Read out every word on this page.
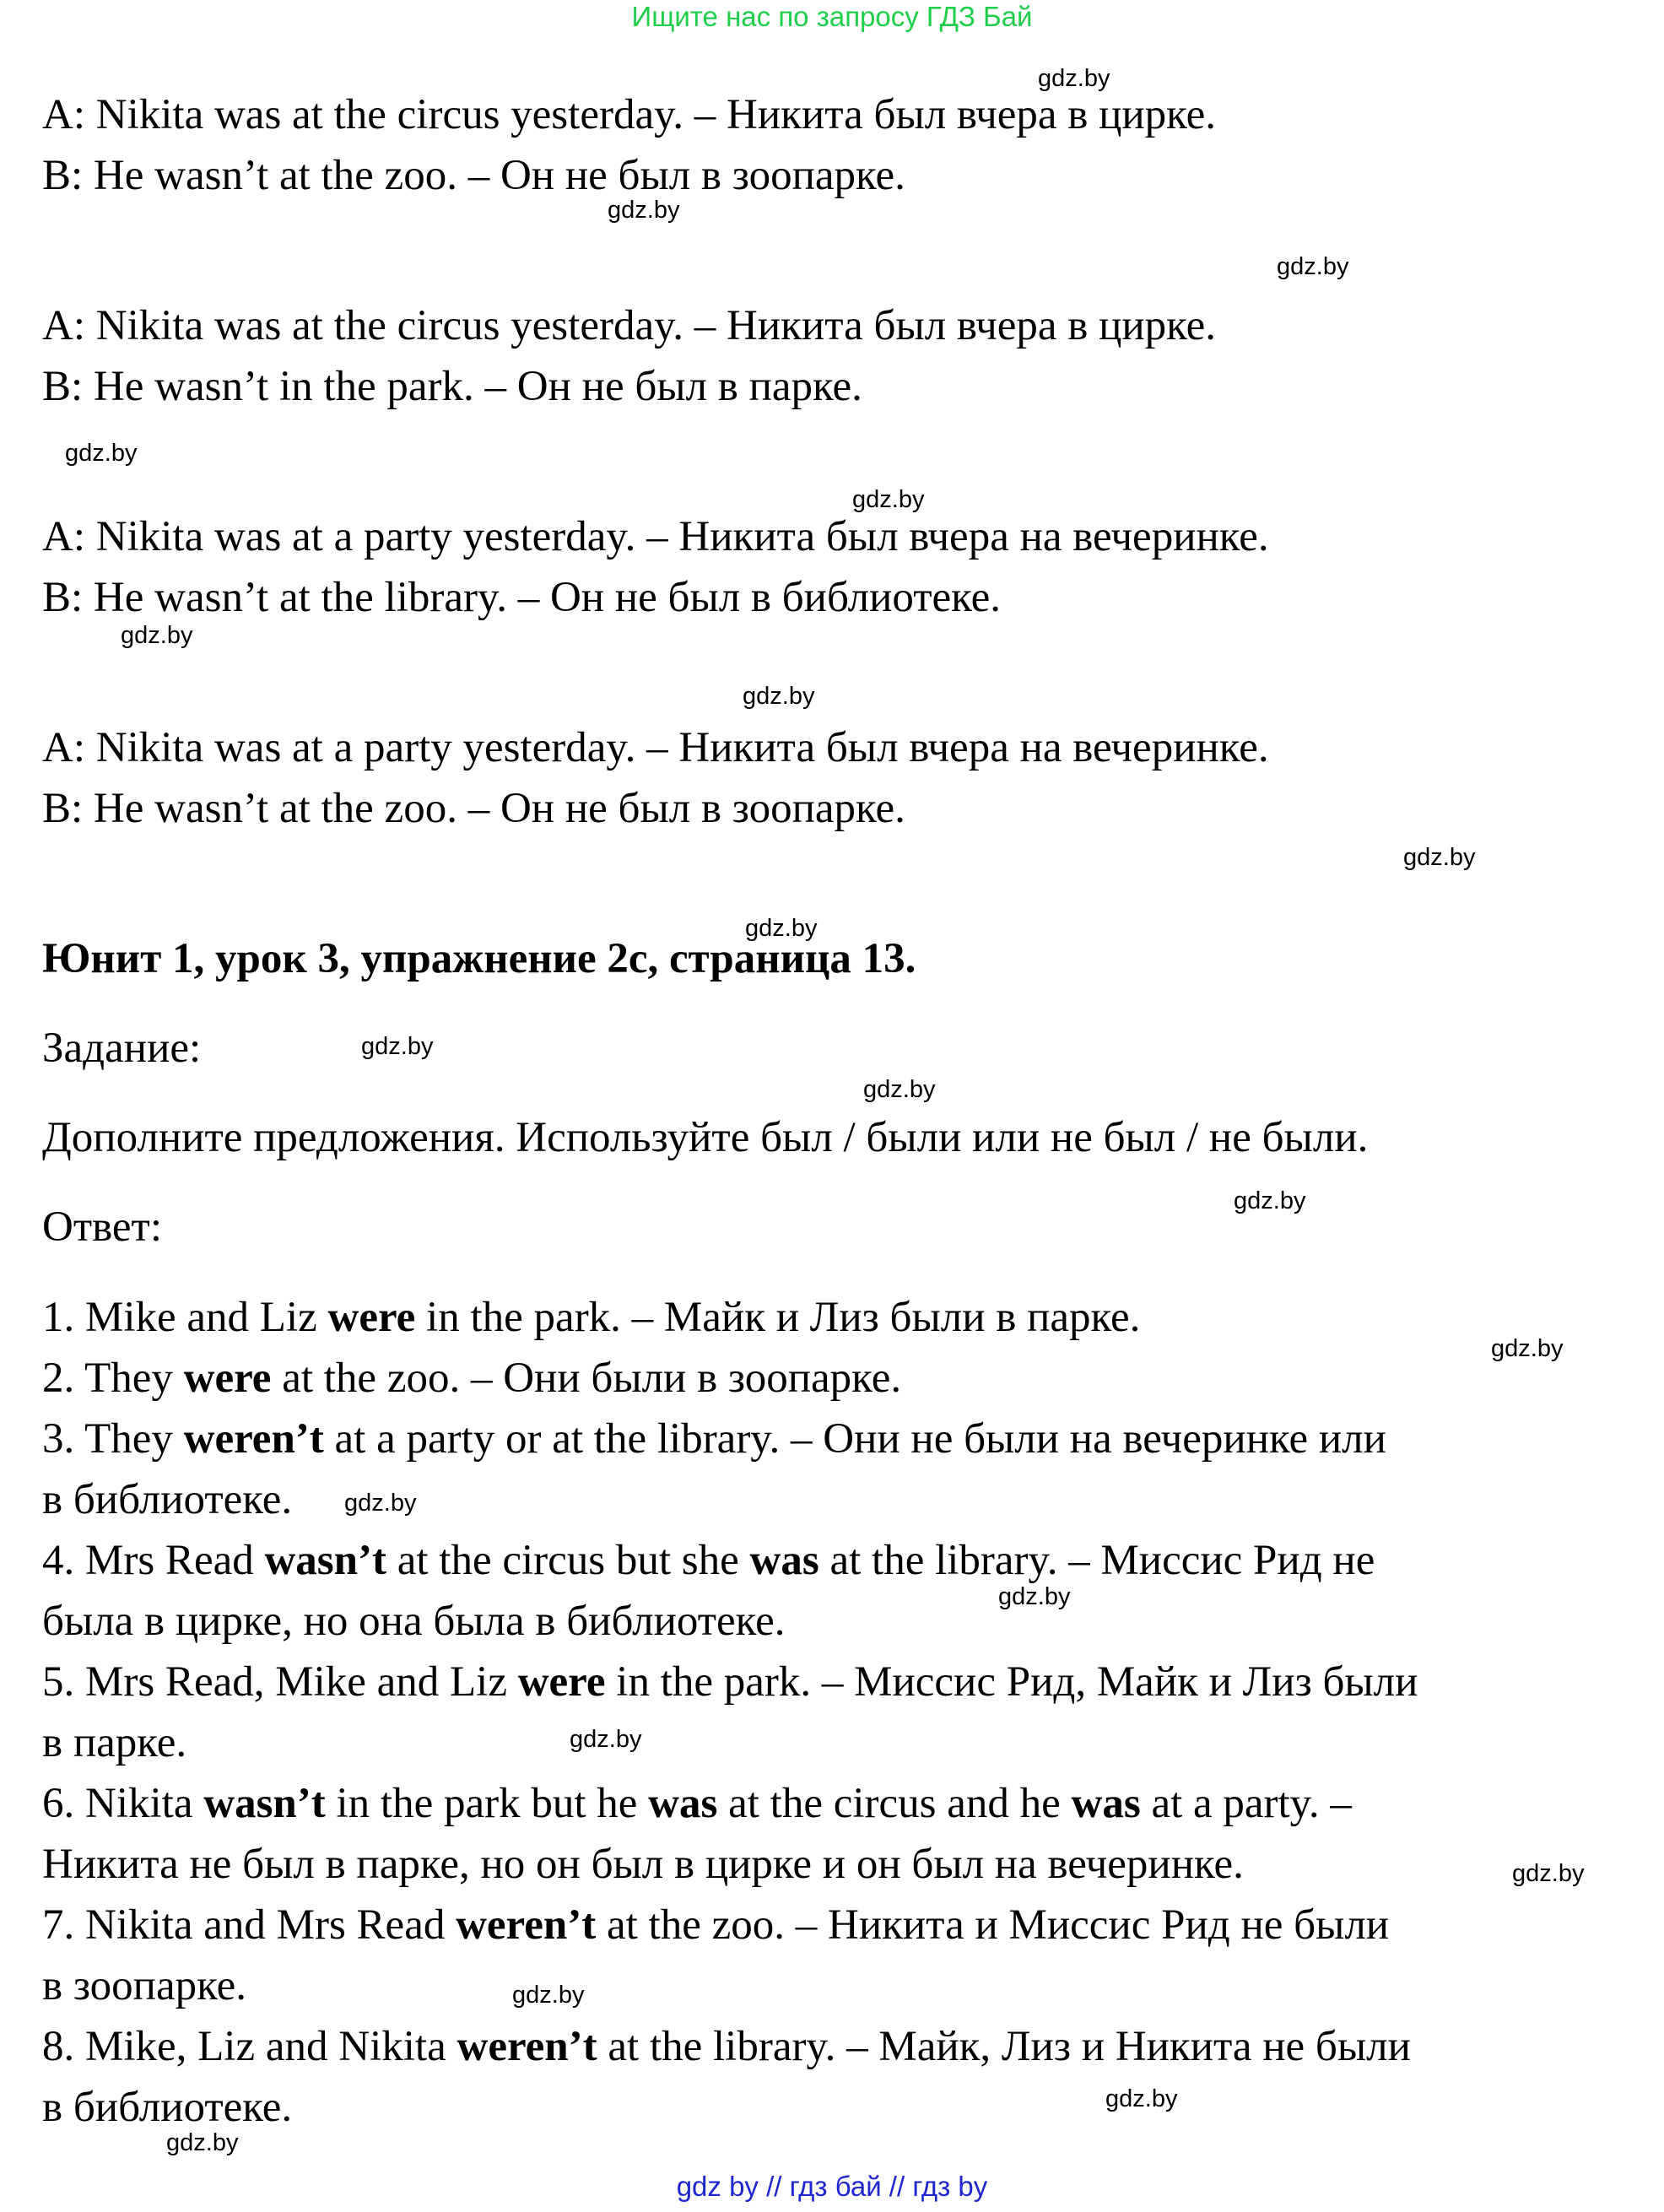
Ищите нас по запросу ГДЗ Бай
A: Nikita was at the circus yesterday. – Никита был вчера в цирке.
B: He wasn’t at the zoo. – Он не был в зоопарке.
A: Nikita was at the circus yesterday. – Никита был вчера в цирке.
B: He wasn’t in the park. – Он не был в парке.
A: Nikita was at a party yesterday. – Никита был вчера на вечеринке.
B: He wasn’t at the library. – Он не был в библиотеке.
A: Nikita was at a party yesterday. – Никита был вчера на вечеринке.
B: He wasn’t at the zoo. – Он не был в зоопарке.
Юнит 1, урок 3, упражнение 2с, страница 13.
Задание:
Дополните предложения. Используйте был / были или не был / не были.
Ответ:
1. Mike and Liz were in the park. – Майк и Лиз были в парке.
2. They were at the zoo. – Они были в зоопарке.
3. They weren’t at a party or at the library. – Они не были на вечеринке или
в библиотеке.
4. Mrs Read wasn’t at the circus but she was at the library. – Миссис Рид не
была в цирке, но она была в библиотеке.
5. Mrs Read, Mike and Liz were in the park. – Миссис Рид, Майк и Лиз были
в парке.
6. Nikita wasn’t in the park but he was at the circus and he was at a party. –
Никита не был в парке, но он был в цирке и он был на вечеринке.
7. Nikita and Mrs Read weren’t at the zoo. – Никита и Миссис Рид не были
в зоопарке.
8. Mike, Liz and Nikita weren’t at the library. – Майк, Лиз и Никита не были
в библиотеке.
gdz.by
gdz.by
gdz.by
gdz.by
gdz.by
gdz.by
gdz.by
gdz.by
gdz.by
gdz.by
gdz.by
gdz.by
gdz.by
gdz.by
gdz.by
gdz.by
gdz.by
gdz.by
gdz.by
gdz.by
gdz by // гдз бай // гдз by
